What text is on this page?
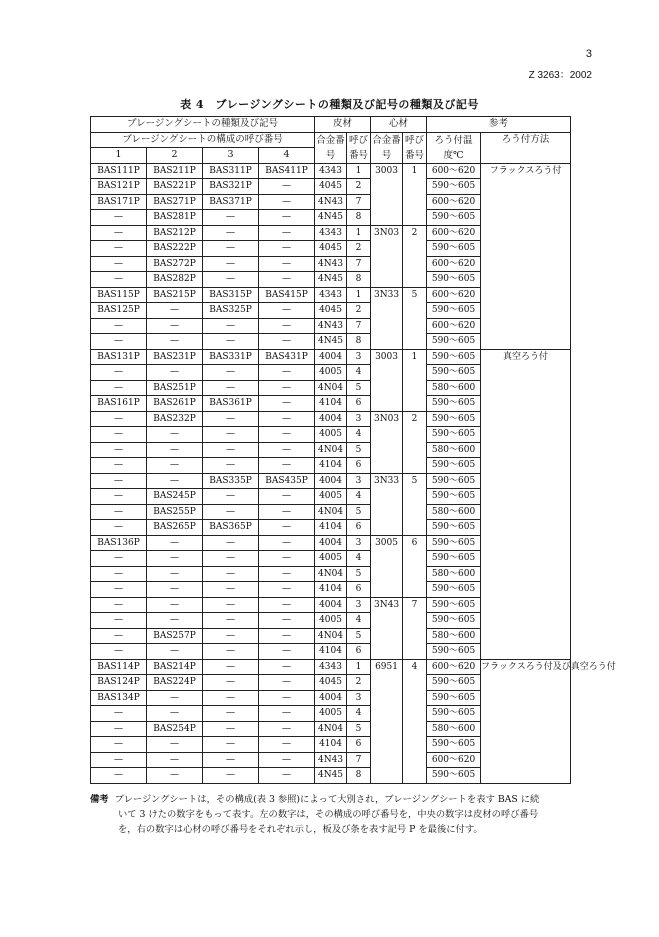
3
Z 3263：2002
表 4　ブレージングシートの種類及び記号の種類及び記号
ブレージングシートの種類及び記号				皮材		心材		参考	
ブレージングシートの構成の呼び番号				合金番号	呼び番号	合金番号	呼び番号	ろう付温度℃	ろう付方法
1	2	3	4						
BAS111P	BAS211P	BAS311P	BAS411P	4343	1	3003	1	600～620	フラックスろう付
BAS121P	BAS221P	BAS321P	—	4045	2			590～605	
BAS171P	BAS271P	BAS371P	—	4N43	7			600～620	
—	BAS281P	—	—	4N45	8			590～605	
—	BAS212P	—	—	4343	1	3N03	2	600～620	
—	BAS222P	—	—	4045	2			590～605	
—	BAS272P	—	—	4N43	7			600～620	
—	BAS282P	—	—	4N45	8			590～605	
BAS115P	BAS215P	BAS315P	BAS415P	4343	1	3N33	5	600～620	
BAS125P	—	BAS325P	—	4045	2			590～605	
—	—	—	—	4N43	7			600～620	
—	—	—	—	4N45	8			590～605	
BAS131P	BAS231P	BAS331P	BAS431P	4004	3	3003	1	590～605	真空ろう付
—	—	—	—	4005	4			590～605	
—	BAS251P	—	—	4N04	5			580～600	
BAS161P	BAS261P	BAS361P	—	4104	6			590～605	
—	BAS232P	—	—	4004	3	3N03	2	590～605	
—	—	—	—	4005	4			590～605	
—	—	—	—	4N04	5			580～600	
—	—	—	—	4104	6			590～605	
—	—	BAS335P	BAS435P	4004	3	3N33	5	590～605	
—	BAS245P	—	—	4005	4			590～605	
—	BAS255P	—	—	4N04	5			580～600	
—	BAS265P	BAS365P	—	4104	6			590～605	
BAS136P	—	—	—	4004	3	3005	6	590～605	
—	—	—	—	4005	4			590～605	
—	—	—	—	4N04	5			580～600	
—	—	—	—	4104	6			590～605	
—	—	—	—	4004	3	3N43	7	590～605	
—	—	—	—	4005	4			590～605	
—	BAS257P	—	—	4N04	5			580～600	
—	—	—	—	4104	6			590～605	
BAS114P	BAS214P	—	—	4343	1	6951	4	600～620	フラックスろう付及び真空ろう付
BAS124P	BAS224P	—	—	4045	2			590～605	
BAS134P	—	—	—	4004	3			590～605	
—	—	—	—	4005	4			590～605	
—	BAS254P	—	—	4N04	5			580～600	
—	—	—	—	4104	6			590～605	
—	—	—	—	4N43	7			600～620	
—	—	—	—	4N45	8			590～605	
備考 ブレージングシートは，その構成(表 3 参照)によって大別され，ブレージングシートを表す BAS に続
いて 3 けたの数字をもって表す。左の数字は，その構成の呼び番号を，中央の数字は皮材の呼び番号
を，右の数字は心材の呼び番号をそれぞれ示し，板及び条を表す記号 P を最後に付す。
